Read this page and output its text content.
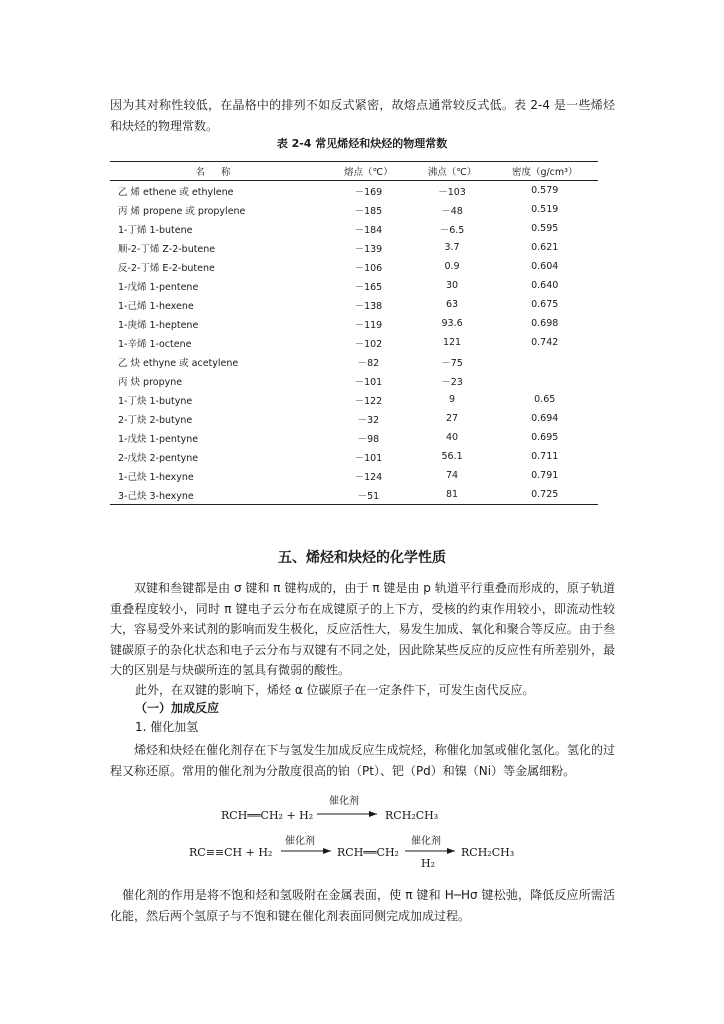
因为其对称性较低，在晶格中的排列不如反式紧密，故熔点通常较反式低。表 2-4 是一些烯烃和炔烃的物理常数。

表 2-4 常见烯烃和炔烃的物理常数
名称	熔点（℃）	沸点（℃）	密度（g/cm³）
乙 烯 ethene 或 ethylene	－169	－103	0.579
丙 烯 propene 或 propylene	－185	－48	0.519
1-丁烯 1-butene	－184	－6.5	0.595
顺-2-丁烯 Z-2-butene	－139	3.7	0.621
反-2-丁烯 E-2-butene	－106	0.9	0.604
1-戊烯 1-pentene	－165	30	0.640
1-己烯 1-hexene	－138	63	0.675
1-庚烯 1-heptene	－119	93.6	0.698
1-辛烯 1-octene	－102	121	0.742
乙 炔 ethyne 或 acetylene	－82	－75	
丙 炔 propyne	－101	－23	
1-丁炔 1-butyne	－122	9	0.65
2-丁炔 2-butyne	－32	27	0.694
1-戊炔 1-pentyne	－98	40	0.695
2-戊炔 2-pentyne	－101	56.1	0.711
1-己炔 1-hexyne	－124	74	0.791
3-己炔 3-hexyne	－51	81	0.725
五、烯烃和炔烃的化学性质

双键和叁键都是由 σ 键和 π 键构成的，由于 π 键是由 p 轨道平行重叠而形成的，原子轨道重叠程度较小，同时 π 键电子云分布在成键原子的上下方，受核的约束作用较小，即流动性较大，容易受外来试剂的影响而发生极化，反应活性大，易发生加成、氧化和聚合等反应。由于叁键碳原子的杂化状态和电子云分布与双键有不同之处，因此除某些反应的反应性有所差别外，最大的区别是与炔碳所连的氢具有微弱的酸性。

此外，在双键的影响下，烯烃 α 位碳原子在一定条件下，可发生卤代反应。

（一）加成反应
1. 催化加氢

烯烃和炔烃在催化剂存在下与氢发生加成反应生成烷烃，称催化加氢或催化氢化。氢化的过程又称还原。常用的催化剂为分散度很高的铂（Pt）、钯（Pd）和镍（Ni）等金属细粉。

RCH══CH₂ + H₂
催化剂
RCH₂CH₃
RC≡≡CH + H₂
催化剂
RCH══CH₂
催化剂
H₂
RCH₂CH₃

催化剂的作用是将不饱和烃和氢吸附在金属表面，使 π 键和 H─Hσ 键松弛，降低反应所需活化能，然后两个氢原子与不饱和键在催化剂表面同侧完成加成过程。
